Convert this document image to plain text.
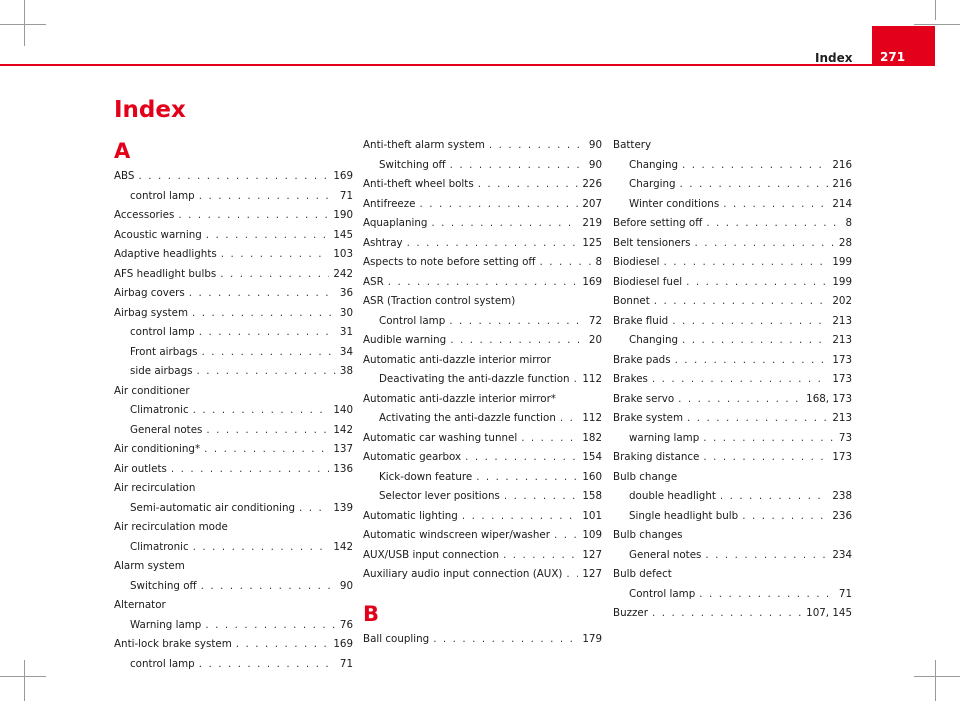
Index	271
Index
A
ABS . . .	169
control lamp . . .	71
Accessories . . .	190
Acoustic warning . . .	145
Adaptive headlights . . .	103
AFS headlight bulbs . . .	242
Airbag covers . . .	36
Airbag system . . .	30
control lamp . . .	31
Front airbags . . .	34
side airbags . . .	38
Air conditioner
Climatronic . . .	140
General notes . . .	142
Air conditioning* . . .	137
Air outlets . . .	136
Air recirculation
Semi-automatic air conditioning . . .	139
Air recirculation mode
Climatronic . . .	142
Alarm system
Switching off . . .	90
Alternator
Warning lamp . . .	76
Anti-lock brake system . . .	169
control lamp . . .	71
Anti-theft alarm system . . .	90
Switching off . . .	90
Anti-theft wheel bolts . . .	226
Antifreeze . . .	207
Aquaplaning . . .	219
Ashtray . . .	125
Aspects to note before setting off . . .	8
ASR . . .	169
ASR (Traction control system)
Control lamp . . .	72
Audible warning . . .	20
Automatic anti-dazzle interior mirror
Deactivating the anti-dazzle function . . . 112
Automatic anti-dazzle interior mirror*
Activating the anti-dazzle function . . .	112
Automatic car washing tunnel . . .	182
Automatic gearbox . . .	154
Kick-down feature . . .	160
Selector lever positions . . .	158
Automatic lighting . . .	101
Automatic windscreen wiper/washer . . .	109
AUX/USB input connection . . .	127
Auxiliary audio input connection (AUX) . . . 127
B
Ball coupling . . .	179
Battery
Changing . . .	216
Charging . . .	216
Winter conditions . . .	214
Before setting off . . .	8
Belt tensioners . . .	28
Biodiesel . . .	199
Biodiesel fuel . . .	199
Bonnet . . .	202
Brake fluid . . .	213
Changing . . .	213
Brake pads . . .	173
Brakes . . .	173
Brake servo . . .	168, 173
Brake system . . .	213
warning lamp . . .	73
Braking distance . . .	173
Bulb change
double headlight . . .	238
Single headlight bulb . . .	236
Bulb changes
General notes . . .	234
Bulb defect
Control lamp . . .	71
Buzzer . . .	107, 145
